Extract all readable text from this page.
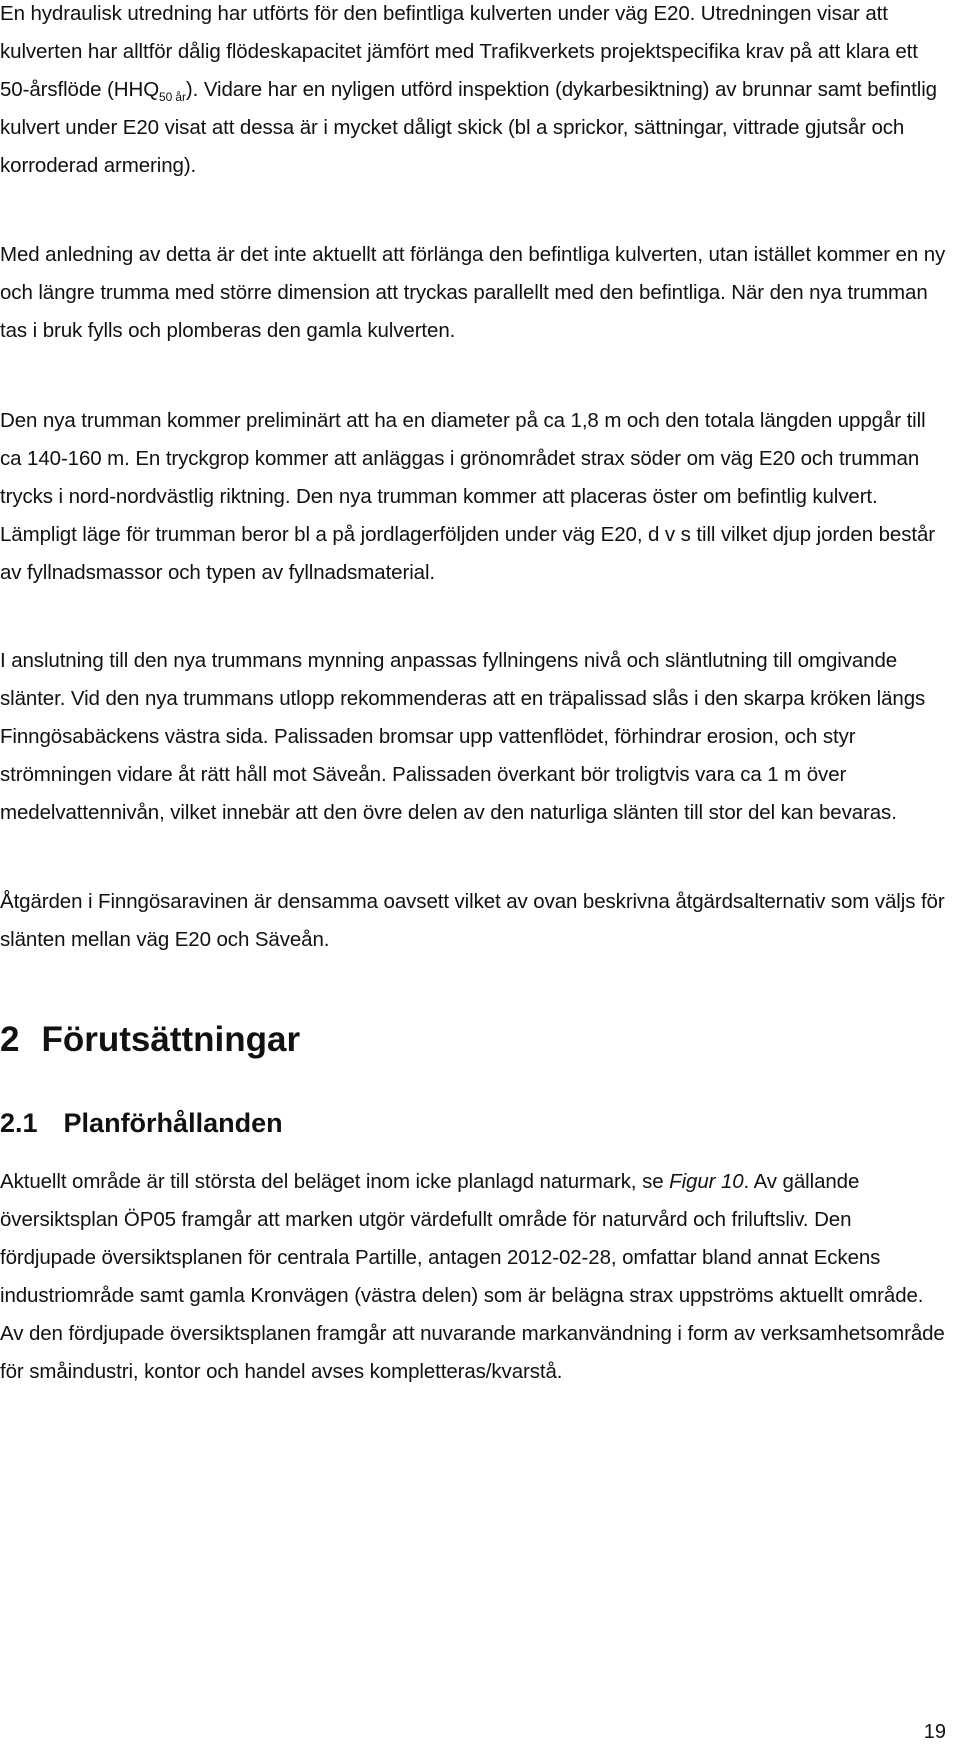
En hydraulisk utredning har utförts för den befintliga kulverten under väg E20. Utredningen visar att kulverten har alltför dålig flödeskapacitet jämfört med Trafikverkets projektspecifika krav på att klara ett 50-årsflöde $(HHQ_{50 år})$. Vidare har en nyligen utförd inspektion (dykarbesiktning) av brunnar samt befintlig kulvert under E20 visat att dessa är i mycket dåligt skick (bl a sprickor, sättningar, vittrade gjutsår och korroderad armering).

Med anledning av detta är det inte aktuellt att förlänga den befintliga kulverten, utan istället kommer en ny och längre trumma med större dimension att tryckas parallellt med den befintliga. När den nya trumman tas i bruk fylls och plomberas den gamla kulverten.

Den nya trumman kommer preliminärt att ha en diameter på ca 1,8 m och den totala längden uppgår till ca 140-160 m. En tryckgrop kommer att anläggas i grönområdet strax söder om väg E20 och trumman trycks i nord-nordvästlig riktning. Den nya trumman kommer att placeras öster om befintlig kulvert. Lämpligt läge för trumman beror bl a på jordlagerföljden under väg E20, d v s till vilket djup jorden består av fyllnadsmassor och typen av fyllnadsmaterial.

I anslutning till den nya trummans mynning anpassas fyllningens nivå och släntlutning till omgivande slänter. Vid den nya trummans utlopp rekommenderas att en träpalissad slås i den skarpa kröken längs Finngösabäckens västra sida. Palissaden bromsar upp vattenflödet, förhindrar erosion, och styr strömningen vidare åt rätt håll mot Säveån. Palissaden överkant bör troligtvis vara ca 1 m över medelvattennivån, vilket innebär att den övre delen av den naturliga slänten till stor del kan bevaras.

Åtgärden i Finngösaravinen är densamma oavsett vilket av ovan beskrivna åtgärdsalternativ som väljs för slänten mellan väg E20 och Säveån.

2 Förutsättningar
2.1 Planförhållanden

Aktuellt område är till största del beläget inom icke planlagd naturmark, se Figur 10. Av gällande översiktsplan ÖP05 framgår att marken utgör värdefullt område för naturvård och friluftsliv. Den fördjupade översiktsplanen för centrala Partille, antagen 2012-02-28, omfattar bland annat Eckens industriområde samt gamla Kronvägen (västra delen) som är belägna strax uppströms aktuellt område. Av den fördjupade översiktsplanen framgår att nuvarande markanvändning i form av verksamhetsområde för småindustri, kontor och handel avses kompletteras/kvarstå.

19
